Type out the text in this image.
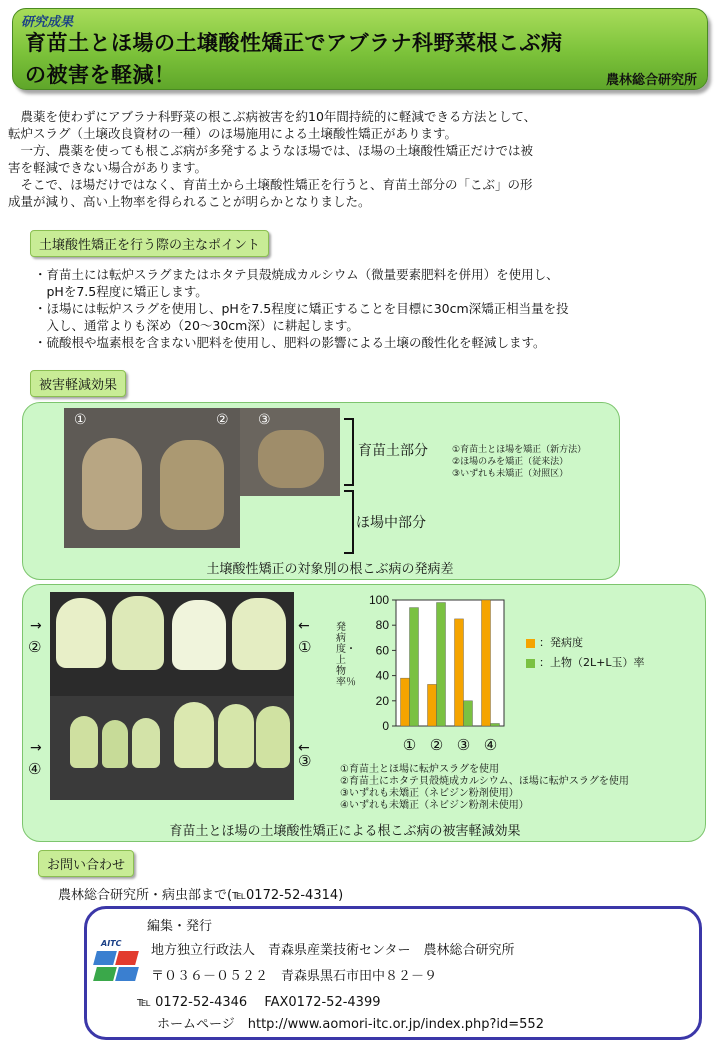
研究成果
育苗土とほ場の土壌酸性矯正でアブラナ科野菜根こぶ病
の被害を軽減！	農林総合研究所
　農薬を使わずにアブラナ科野菜の根こぶ病被害を約10年間持続的に軽減できる方法として、
転炉スラグ（土壌改良資材の一種）のほ場施用による土壌酸性矯正があります。
　一方、農薬を使っても根こぶ病が多発するようなほ場では、ほ場の土壌酸性矯正だけでは被
害を軽減できない場合があります。
　そこで、ほ場だけではなく、育苗土から土壌酸性矯正を行うと、育苗土部分の「こぶ」の形
成量が減り、高い上物率を得られることが明らかとなりました。
土壌酸性矯正を行う際の主なポイント
・育苗土には転炉スラグまたはホタテ貝殻焼成カルシウム（微量要素肥料を併用）を使用し、
　pHを7.5程度に矯正します。
・ほ場には転炉スラグを使用し、pHを7.5程度に矯正することを目標に30cm深矯正相当量を投
　入し、通常よりも深め（20～30cm深）に耕起します。
・硫酸根や塩素根を含まない肥料を使用し、肥料の影響による土壌の酸性化を軽減します。
被害軽減効果
①	② ③
育苗土部分
ほ場中部分
①育苗土とほ場を矯正（新方法）
②ほ場のみを矯正（従来法）
③いずれも未矯正（対照区）
土壌酸性矯正の対象別の根こぶ病の発病差
→
②
←
①
→
④
←
③
0
20
40
60
80
100
① ② ③ ④
発病度・上物率％
：発病度
：上物（2L+L玉）率
①育苗土とほ場に転炉スラグを使用
②育苗土にホタテ貝殻焼成カルシウム、ほ場に転炉スラグを使用
③いずれも未矯正（ネビジン粉剤使用）
④いずれも未矯正（ネビジン粉剤未使用）
育苗土とほ場の土壌酸性矯正による根こぶ病の被害軽減効果
お問い合わせ
農林総合研究所・病虫部まで(℡0172-52-4314)
編集・発行
AITC 地方独立行政法人　青森県産業技術センター　農林総合研究所
〒０３６－０５２２　青森県黒石市田中８２－９
℡ 0172-52-4346　 FAX0172-52-4399
ホームページ　http://www.aomori-itc.or.jp/index.php?id=552
